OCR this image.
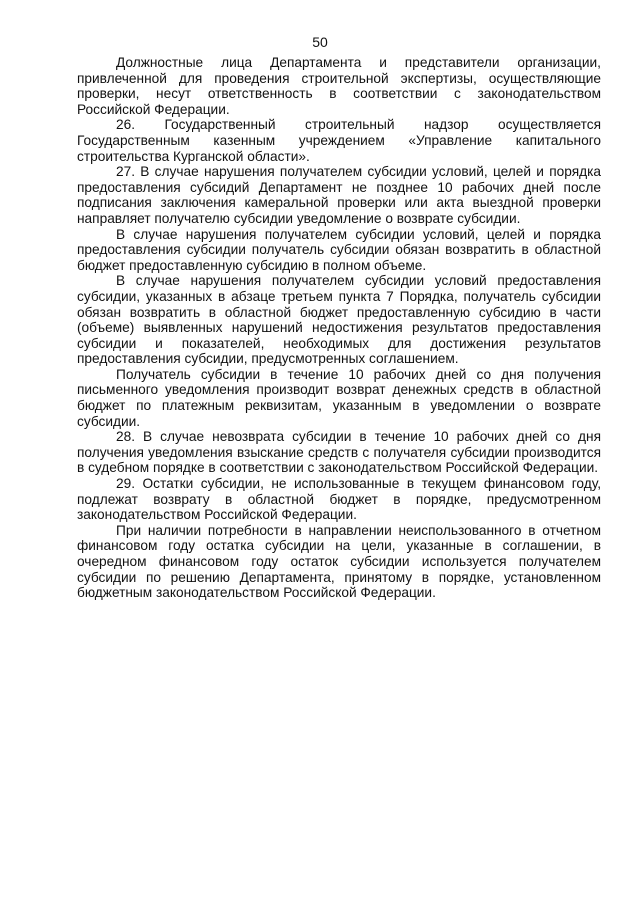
50

Должностные лица Департамента и представители организации, привлеченной для проведения строительной экспертизы, осуществляющие проверки, несут ответственность в соответствии с законодательством Российской Федерации.

26. Государственный строительный надзор осуществляется Государственным казенным учреждением «Управление капитального строительства Курганской области».

27. В случае нарушения получателем субсидии условий, целей и порядка предоставления субсидий Департамент не позднее 10 рабочих дней после подписания заключения камеральной проверки или акта выездной проверки направляет получателю субсидии уведомление о возврате субсидии.

В случае нарушения получателем субсидии условий, целей и порядка предоставления субсидии получатель субсидии обязан возвратить в областной бюджет предоставленную субсидию в полном объеме.

В случае нарушения получателем субсидии условий предоставления субсидии, указанных в абзаце третьем пункта 7 Порядка, получатель субсидии обязан возвратить в областной бюджет предоставленную субсидию в части (объеме) выявленных нарушений недостижения результатов предоставления субсидии и показателей, необходимых для достижения результатов предоставления субсидии, предусмотренных соглашением.

Получатель субсидии в течение 10 рабочих дней со дня получения письменного уведомления производит возврат денежных средств в областной бюджет по платежным реквизитам, указанным в уведомлении о возврате субсидии.

28. В случае невозврата субсидии в течение 10 рабочих дней со дня получения уведомления взыскание средств с получателя субсидии производится в судебном порядке в соответствии с законодательством Российской Федерации.

29. Остатки субсидии, не использованные в текущем финансовом году, подлежат возврату в областной бюджет в порядке, предусмотренном законодательством Российской Федерации.

При наличии потребности в направлении неиспользованного в отчетном финансовом году остатка субсидии на цели, указанные в соглашении, в очередном финансовом году остаток субсидии используется получателем субсидии по решению Департамента, принятому в порядке, установленном бюджетным законодательством Российской Федерации.
